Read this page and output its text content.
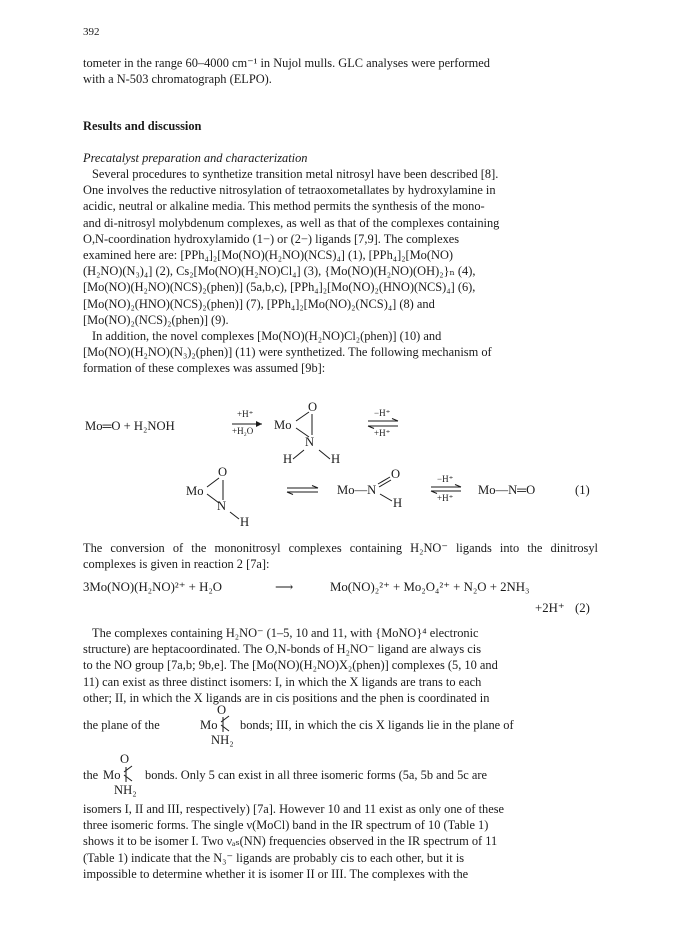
392

tometer in the range 60–4000 cm⁻¹ in Nujol mulls. GLC analyses were performed

with a N-503 chromatograph (ELPO).

Results and discussion
Precatalyst preparation and characterization

Several procedures to synthetize transition metal nitrosyl have been described [8].

One involves the reductive nitrosylation of tetraoxometallates by hydroxylamine in

acidic, neutral or alkaline media. This method permits the synthesis of the mono-

and di-nitrosyl molybdenum complexes, as well as that of the complexes containing

O,N-coordination hydroxylamido (1−) or (2−) ligands [7,9]. The complexes

examined here are: [PPh₄]₂[Mo(NO)(H₂NO)(NCS)₄] (1), [PPh₄]₂[Mo(NO)

(H₂NO)(N₃)₄] (2), Cs₂[Mo(NO)(H₂NO)Cl₄] (3), {Mo(NO)(H₂NO)(OH)₂}ₙ (4),

[Mo(NO)(H₂NO)(NCS)₂(phen)] (5a,b,c), [PPh₄]₂[Mo(NO)₂(HNO)(NCS)₄] (6),

[Mo(NO)₂(HNO)(NCS)₂(phen)] (7), [PPh₄]₂[Mo(NO)₂(NCS)₄] (8) and

[Mo(NO)₂(NCS)₂(phen)] (9).

In addition, the novel complexes [Mo(NO)(H₂NO)Cl₂(phen)] (10) and

[Mo(NO)(H₂NO)(N₃)₂(phen)] (11) were synthetized. The following mechanism of

formation of these complexes was assumed [9b]:

Mo═O + H₂NOH
+H⁺
+H₂O Mo
O
N
H	H
−H⁺
+H⁺
Mo
O
N
H
Mo—N
O
H
−H⁺
+H⁺
Mo—N═O	(1)
The conversion of the mononitrosyl complexes containing H₂NO⁻ ligands into the dinitrosyl complexes is given in reaction 2 [7a]:
3Mo(NO)(H₂NO)²⁺ + H₂O	⟶	Mo(NO)₂²⁺ + Mo₂O₄²⁺ + N₂O + 2NH₃
+2H⁺ (2)

The complexes containing H₂NO⁻ (1–5, 10 and 11, with {MoNO}⁴ electronic

structure) are heptacoordinated. The O,N-bonds of H₂NO⁻ ligand are always cis

to the NO group [7a,b; 9b,e]. The [Mo(NO)(H₂NO)X₂(phen)] complexes (5, 10 and

11) can exist as three distinct isomers: I, in which the X ligands are trans to each

other; II, in which the X ligands are in cis positions and the phen is coordinated in

the plane of the	Mo
O
NH₂
bonds; III, in which the cis X ligands lie in the plane of
the Mo
O
NH₂
bonds. Only 5 can exist in all three isomeric forms (5a, 5b and 5c are

isomers I, II and III, respectively) [7a]. However 10 and 11 exist as only one of these

three isomeric forms. The single ν(MoCl) band in the IR spectrum of 10 (Table 1)

shows it to be isomer I. Two νₐₛ(NN) frequencies observed in the IR spectrum of 11

(Table 1) indicate that the N₃⁻ ligands are probably cis to each other, but it is

impossible to determine whether it is isomer II or III. The complexes with the
